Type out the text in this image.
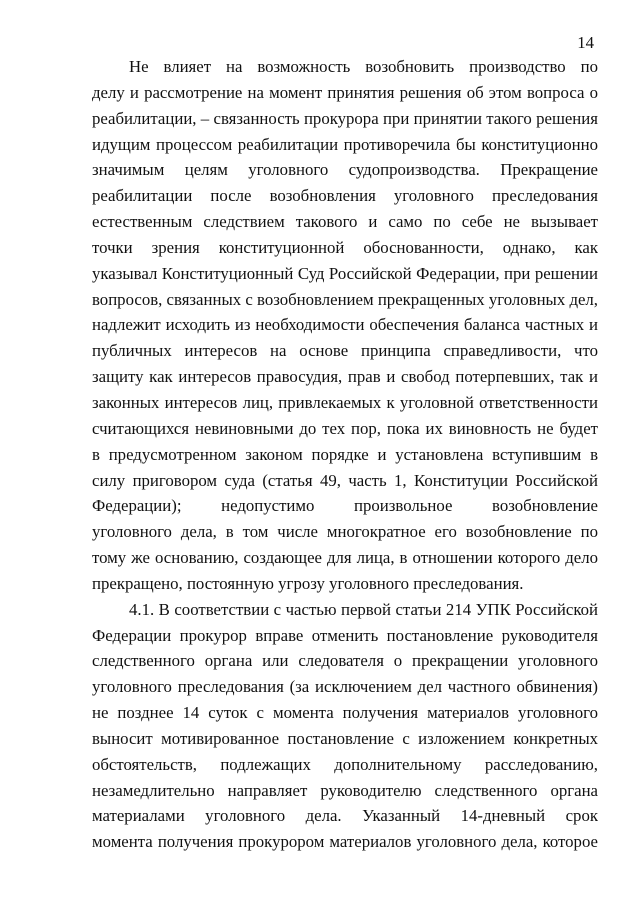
14
Не влияет на возможность возобновить производство по
делу и рассмотрение на момент принятия решения об этом вопроса о
реабилитации, – связанность прокурора при принятии такого решения
идущим процессом реабилитации противоречила бы конституционно
значимым целям уголовного судопроизводства. Прекращение
реабилитации после возобновления уголовного преследования
естественным следствием такового и само по себе не вызывает
точки зрения конституционной обоснованности, однако, как
указывал Конституционный Суд Российской Федерации, при решении
вопросов, связанных с возобновлением прекращенных уголовных дел,
надлежит исходить из необходимости обеспечения баланса частных и
публичных интересов на основе принципа справедливости, что
защиту как интересов правосудия, прав и свобод потерпевших, так и
законных интересов лиц, привлекаемых к уголовной ответственности
считающихся невиновными до тех пор, пока их виновность не будет
в предусмотренном законом порядке и установлена вступившим в
силу приговором суда (статья 49, часть 1, Конституции Российской
Федерации); недопустимо произвольное возобновление
уголовного дела, в том числе многократное его возобновление по
тому же основанию, создающее для лица, в отношении которого дело
прекращено, постоянную угрозу уголовного преследования.
4.1. В соответствии с частью первой статьи 214 УПК Российской
Федерации прокурор вправе отменить постановление руководителя
следственного органа или следователя о прекращении уголовного
уголовного преследования (за исключением дел частного обвинения)
не позднее 14 суток с момента получения материалов уголовного
выносит мотивированное постановление с изложением конкретных
обстоятельств, подлежащих дополнительному расследованию,
незамедлительно направляет руководителю следственного органа
материалами уголовного дела. Указанный 14-дневный срок
момента получения прокурором материалов уголовного дела, которое
